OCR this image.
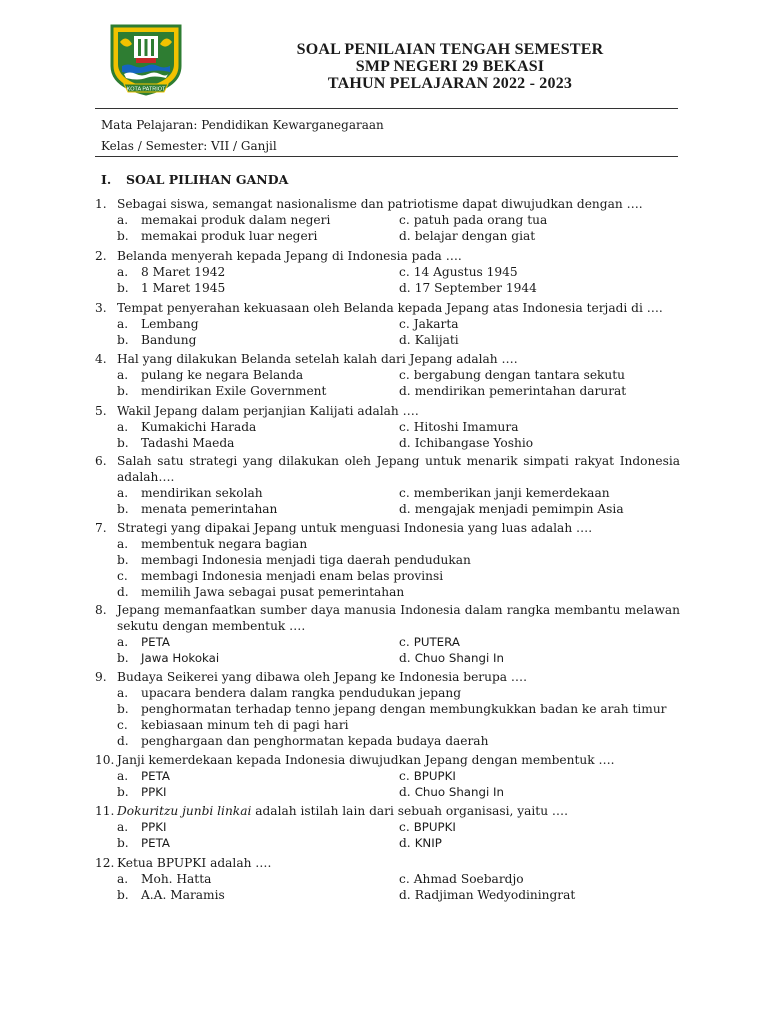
KOTA PATRIOT
SOAL PENILAIAN TENGAH SEMESTER
SMP NEGERI 29 BEKASI
TAHUN PELAJARAN 2022 - 2023
Mata Pelajaran: Pendidikan Kewarganegaraan
Kelas / Semester: VII / Ganjil
I. SOAL PILIHAN GANDA
1. Sebagai siswa, semangat nasionalisme dan patriotisme dapat diwujudkan dengan ….
a.	memakai produk dalam negeri	c. patuh pada orang tua
b.	memakai produk luar negeri	d. belajar dengan giat
2. Belanda menyerah kepada Jepang di Indonesia pada ….
a.	8 Maret 1942	c. 14 Agustus 1945
b.	1 Maret 1945	d. 17 September 1944
3. Tempat penyerahan kekuasaan oleh Belanda kepada Jepang atas Indonesia terjadi di ….
a.	Lembang	c. Jakarta
b.	Bandung	d. Kalijati
4. Hal yang dilakukan Belanda setelah kalah dari Jepang adalah ….
a.	pulang ke negara Belanda	c. bergabung dengan tantara sekutu
b.	mendirikan Exile Government	d. mendirikan pemerintahan darurat
5. Wakil Jepang dalam perjanjian Kalijati adalah ….
a.	Kumakichi Harada	c. Hitoshi Imamura
b.	Tadashi Maeda	d. Ichibangase Yoshio
6. Salah satu strategi yang dilakukan oleh Jepang untuk menarik simpati rakyat Indonesia adalah….
a.	mendirikan sekolah	c. memberikan janji kemerdekaan
b.	menata pemerintahan	d. mengajak menjadi pemimpin Asia
7. Strategi yang dipakai Jepang untuk menguasi Indonesia yang luas adalah ….
a.	membentuk negara bagian
b.	membagi Indonesia menjadi tiga daerah pendudukan
c.	membagi Indonesia menjadi enam belas provinsi
d.	memilih Jawa sebagai pusat pemerintahan
8. Jepang memanfaatkan sumber daya manusia Indonesia dalam rangka membantu melawan sekutu dengan membentuk ….
a.	PETA	c. PUTERA
b.	Jawa Hokokai	d. Chuo Shangi In
9. Budaya Seikerei yang dibawa oleh Jepang ke Indonesia berupa ….
a.	upacara bendera dalam rangka pendudukan jepang
b.	penghormatan terhadap tenno jepang dengan membungkukkan badan ke arah timur
c.	kebiasaan minum teh di pagi hari
d.	penghargaan dan penghormatan kepada budaya daerah
10. Janji kemerdekaan kepada Indonesia diwujudkan Jepang dengan membentuk ….
a.	PETA	c. BPUPKI
b.	PPKI	d. Chuo Shangi In
11. Dokuritzu junbi linkai adalah istilah lain dari sebuah organisasi, yaitu ….
a.	PPKI	c. BPUPKI
b.	PETA	d. KNIP
12. Ketua BPUPKI adalah ….
a.	Moh. Hatta	c. Ahmad Soebardjo
b.	A.A. Maramis	d. Radjiman Wedyodiningrat
